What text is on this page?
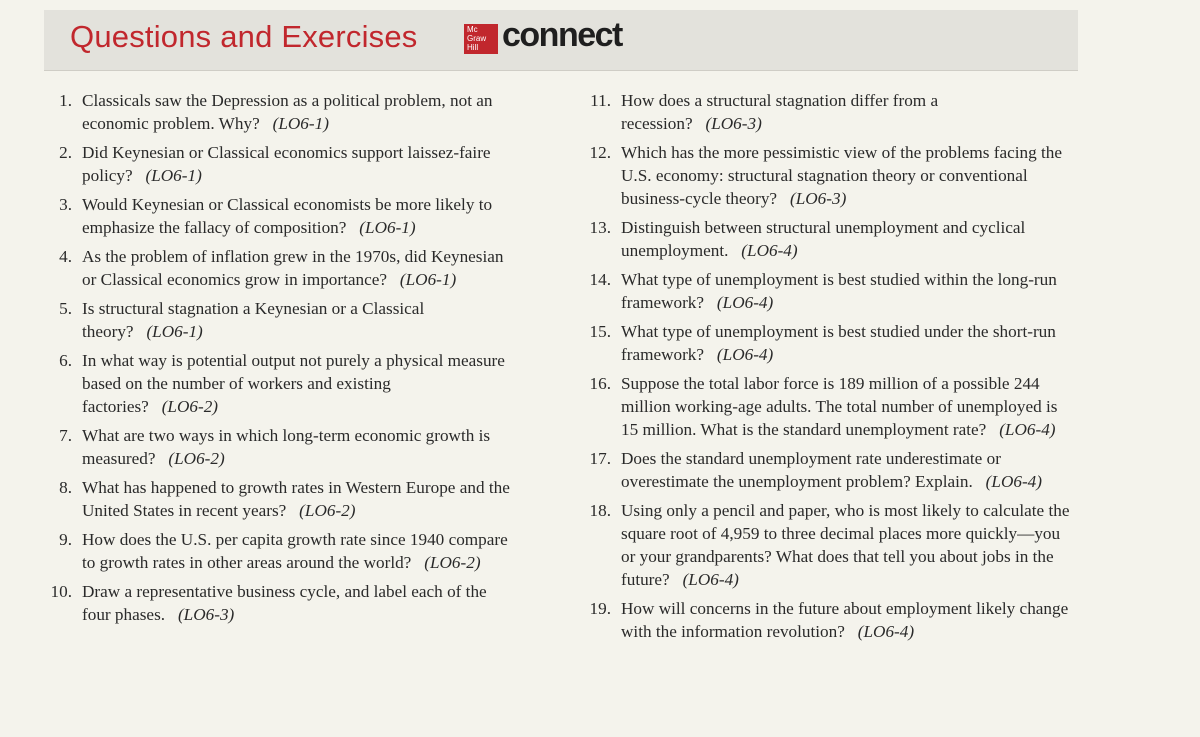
Questions and Exercises	Mc
Graw
Hill connect
1. Classicals saw the Depression as a political problem, not an economic problem. Why? (LO6-1)
2. Did Keynesian or Classical economics support laissez-faire policy? (LO6-1)
3. Would Keynesian or Classical economists be more likely to emphasize the fallacy of composition? (LO6-1)
4. As the problem of inflation grew in the 1970s, did Keynesian or Classical economics grow in importance? (LO6-1)
5. Is structural stagnation a Keynesian or a Classical theory? (LO6-1)
6. In what way is potential output not purely a physical measure based on the number of workers and existing factories? (LO6-2)
7. What are two ways in which long-term economic growth is measured? (LO6-2)
8. What has happened to growth rates in Western Europe and the United States in recent years? (LO6-2)
9. How does the U.S. per capita growth rate since 1940 compare to growth rates in other areas around the world? (LO6-2)
10. Draw a representative business cycle, and label each of the four phases. (LO6-3)
11. How does a structural stagnation differ from a recession? (LO6-3)
12. Which has the more pessimistic view of the problems facing the U.S. economy: structural stagnation theory or conventional business-cycle theory? (LO6-3)
13. Distinguish between structural unemployment and cyclical unemployment. (LO6-4)
14. What type of unemployment is best studied within the long-run framework? (LO6-4)
15. What type of unemployment is best studied under the short-run framework? (LO6-4)
16. Suppose the total labor force is 189 million of a possible 244 million working-age adults. The total number of unemployed is 15 million. What is the standard unemployment rate? (LO6-4)
17. Does the standard unemployment rate underestimate or overestimate the unemployment problem? Explain. (LO6-4)
18. Using only a pencil and paper, who is most likely to calculate the square root of 4,959 to three decimal places more quickly—you or your grandparents? What does that tell you about jobs in the future? (LO6-4)
19. How will concerns in the future about employment likely change with the information revolution? (LO6-4)
